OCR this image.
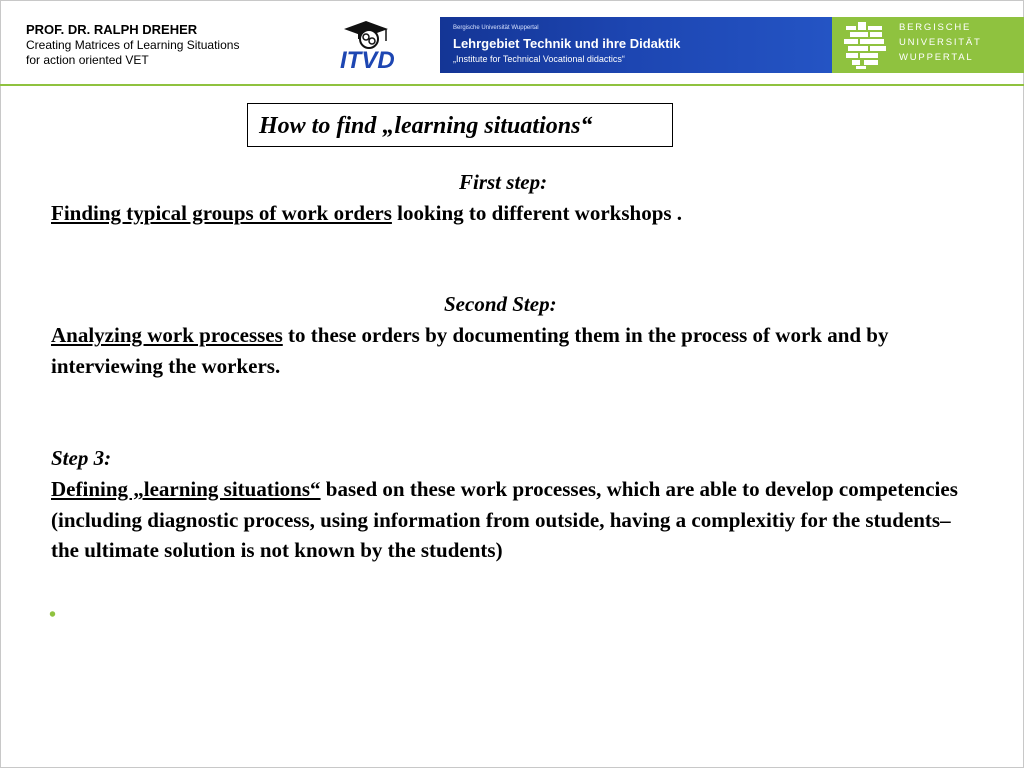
PROF. DR. RALPH DREHER
Creating Matrices of Learning Situations
for action oriented VET	ITVD
Bergische Universität Wuppertal
Lehrgebiet Technik und ihre Didaktik
„Institute for Technical Vocational didactics“
BERGISCHE
UNIVERSITÄT
WUPPERTAL
How to find „learning situations“
First step:
Finding typical groups of work orders looking to different workshops .
Second Step:
Analyzing work processes to these orders by documenting them in the process of work and by interviewing the workers.
Step 3:
Defining „learning situations“ based on these work processes, which are able to develop competencies (including diagnostic process, using information from outside, having a complexitiy for the students– the ultimate solution is not known by the students)
•
